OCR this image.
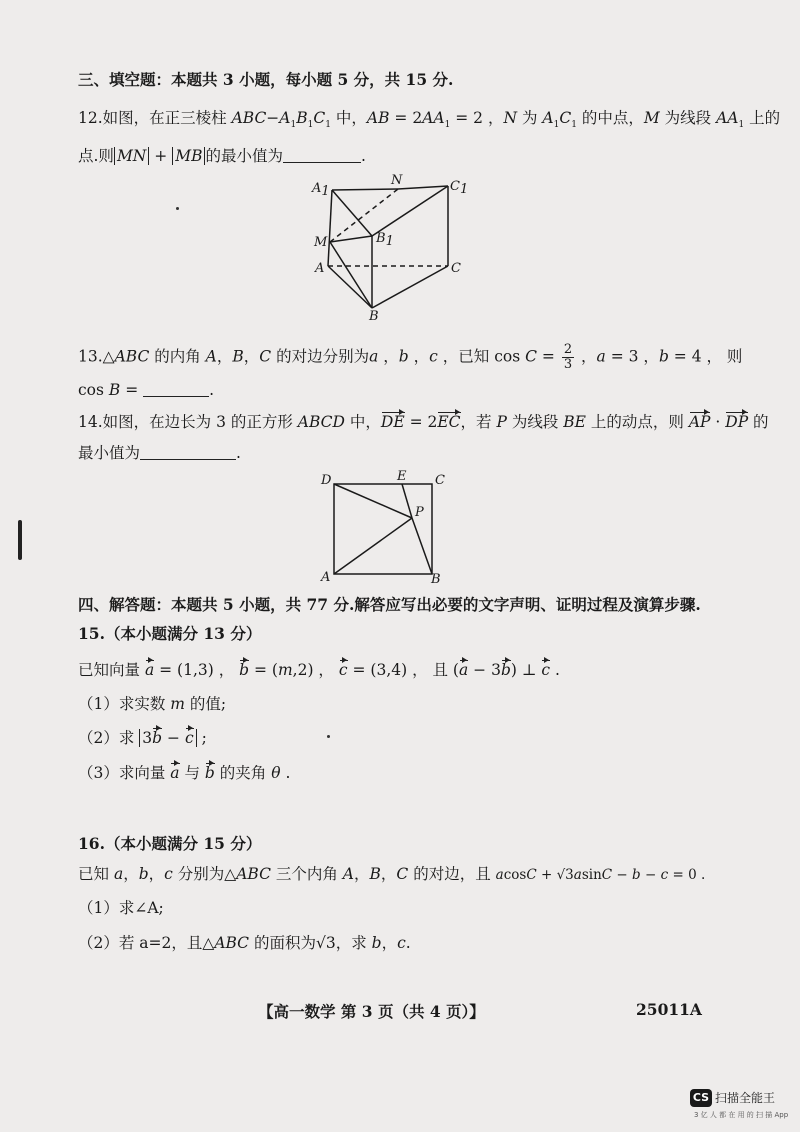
三、填空题：本题共 3 小题，每小题 5 分，共 15 分.
12.如图，在正三棱柱 $ABC-A_1B_1C_1$ 中，AB = $2AA_1 = 2$ ，N 为 $A_1C_1$ 的中点，M 为线段 $AA_1$ 上的
点.则 MN + MB 的最小值为	.
A1
N	C1
M	B1
A	C
B
13.△ABC 的内角 A，B，C 的对边分别为a ，b ，c ，已知 $\cos C = \frac{2}{3}$ ，a = 3 ，b = 4 ， 则
cos B =	.
14.如图，在边长为 3 的正方形 ABCD 中，DE = 2EC，若 P 为线段 BE 上的动点，则 AP · DP 的
最小值为	.
D	E C
P
A	B
四、解答题：本题共 5 小题，共 77 分.解答应写出必要的文字声明、证明过程及演算步骤.
15.（本小题满分 13 分）
已知向量 a = (1,3) ， b = (m,2) ， c = (3,4) ， 且 (a − 3b) ⊥ c .
（1）求实数 m 的值;
（2）求 3b − c ;
（3）求向量 a 与 b 的夹角 θ .
16.（本小题满分 15 分）
已知 a，b，c 分别为△ABC 三个内角 A，B，C 的对边，且 acosC + √3asinC − b − c = 0 .
（1）求∠A;
（2）若 a=2，且△ABC 的面积为√3，求 b，c.
【高一数学 第 3 页（共 4 页）】	25011A
CS 扫描全能王
3 亿 人 都 在 用 的 扫 描 App
